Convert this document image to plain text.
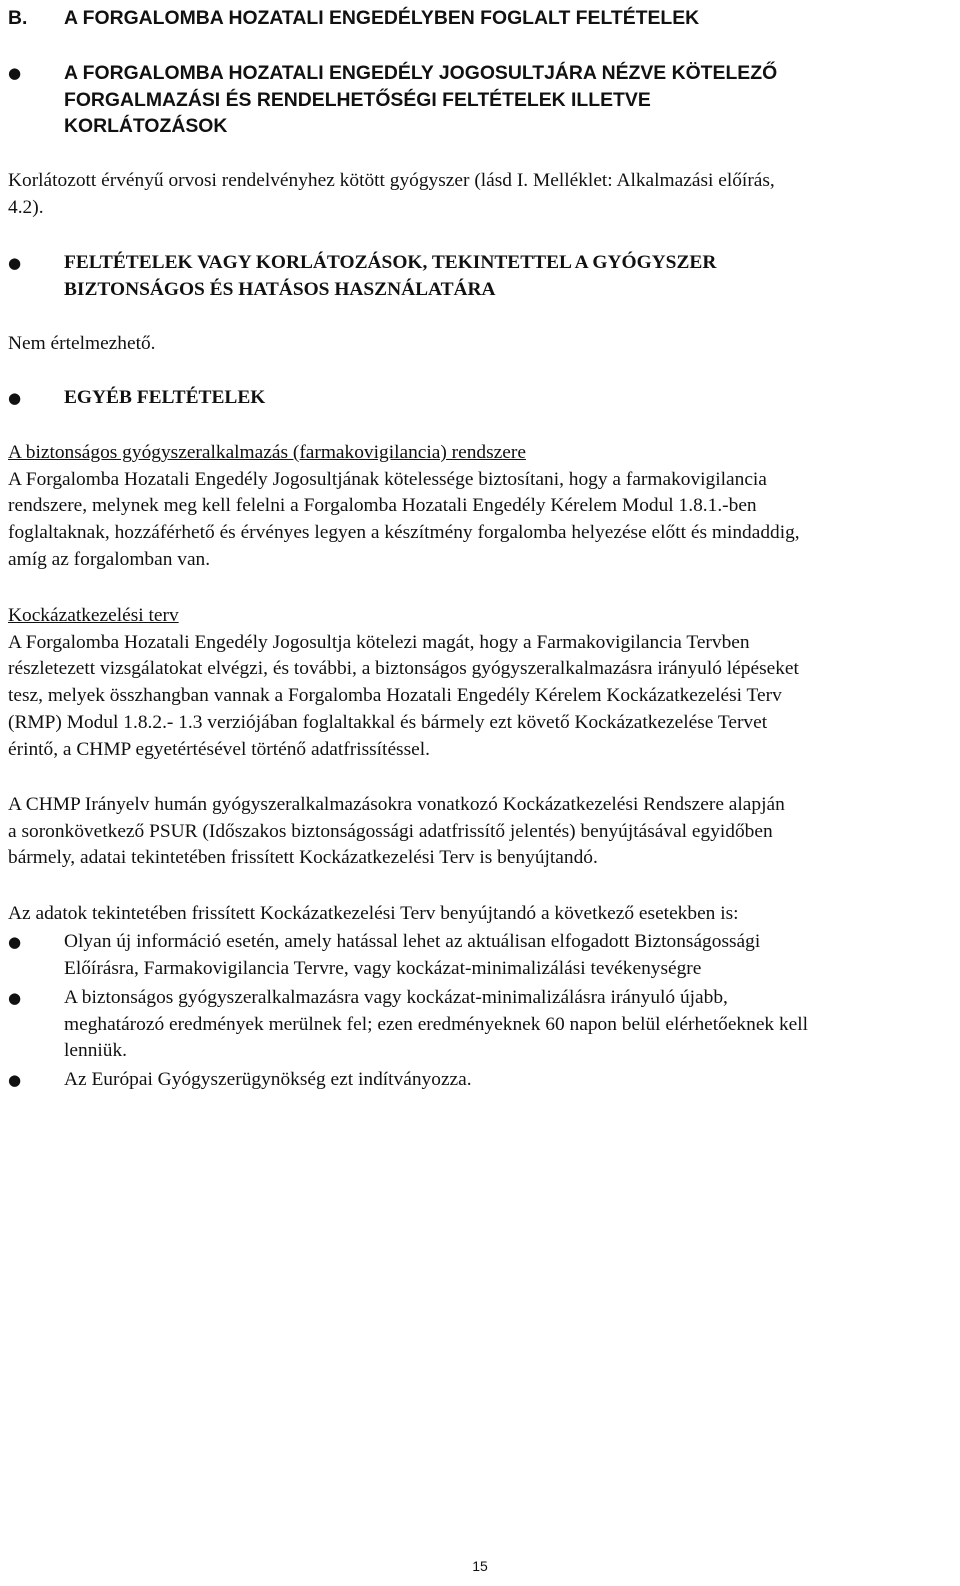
B. A FORGALOMBA HOZATALI ENGEDÉLYBEN FOGLALT FELTÉTELEK
●	A FORGALOMBA HOZATALI ENGEDÉLY JOGOSULTJÁRA NÉZVE KÖTELEZŐ
FORGALMAZÁSI ÉS RENDELHETŐSÉGI FELTÉTELEK ILLETVE
KORLÁTOZÁSOK
Korlátozott érvényű orvosi rendelvényhez kötött gyógyszer (lásd I. Melléklet: Alkalmazási előírás,
4.2).
●	FELTÉTELEK VAGY KORLÁTOZÁSOK, TEKINTETTEL A GYÓGYSZER
BIZTONSÁGOS ÉS HATÁSOS HASZNÁLATÁRA
Nem értelmezhető.
●	EGYÉB FELTÉTELEK
A biztonságos gyógyszeralkalmazás (farmakovigilancia) rendszere
A Forgalomba Hozatali Engedély Jogosultjának kötelessége biztosítani, hogy a farmakovigilancia
rendszere, melynek meg kell felelni a Forgalomba Hozatali Engedély Kérelem Modul 1.8.1.-ben
foglaltaknak, hozzáférhető és érvényes legyen a készítmény forgalomba helyezése előtt és mindaddig,
amíg az forgalomban van.
Kockázatkezelési terv
A Forgalomba Hozatali Engedély Jogosultja kötelezi magát, hogy a Farmakovigilancia Tervben
részletezett vizsgálatokat elvégzi, és további, a biztonságos gyógyszeralkalmazásra irányuló lépéseket
tesz, melyek összhangban vannak a Forgalomba Hozatali Engedély Kérelem Kockázatkezelési Terv
(RMP) Modul 1.8.2.- 1.3 verziójában foglaltakkal és bármely ezt követő Kockázatkezelése Tervet
érintő, a CHMP egyetértésével történő adatfrissítéssel.
A CHMP Irányelv humán gyógyszeralkalmazásokra vonatkozó Kockázatkezelési Rendszere alapján
a soronkövetkező PSUR (Időszakos biztonságossági adatfrissítő jelentés) benyújtásával egyidőben
bármely, adatai tekintetében frissített Kockázatkezelési Terv is benyújtandó.
Az adatok tekintetében frissített Kockázatkezelési Terv benyújtandó a következő esetekben is:
●	Olyan új információ esetén, amely hatással lehet az aktuálisan elfogadott Biztonságossági
Előírásra, Farmakovigilancia Tervre, vagy kockázat-minimalizálási tevékenységre
●	A biztonságos gyógyszeralkalmazásra vagy kockázat-minimalizálásra irányuló újabb,
meghatározó eredmények merülnek fel; ezen eredményeknek 60 napon belül elérhetőeknek kell
lenniük.
●	Az Európai Gyógyszerügynökség ezt indítványozza.
15
